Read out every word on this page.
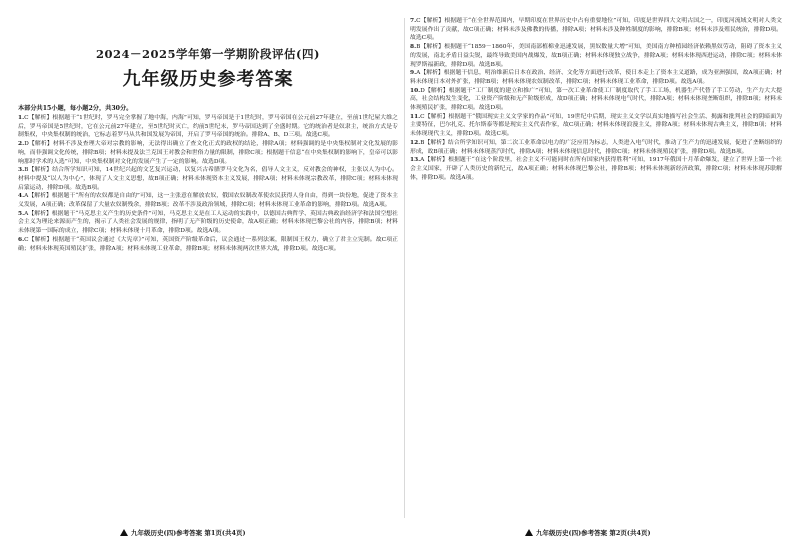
2024－2025学年第一学期阶段评估(四)
九年级历史参考答案
本部分共15小题，每小题2分，共30分。

1.C【解析】根据题干“1世纪时，罗马完全掌握了地中海，内海”可知，罗马帝国是于1世纪时，罗马帝国在公元前27年建立，至前1世纪屋大维之后，罗马帝国是5世纪时，它在公元前27年建立，至5世纪时灭亡，约前5世纪末，罗马帝国达到了全盛时期。它的统治者是奴隶主，统治方式是专制集权，中央集权制的统治，它标志着罗马从共和国发展为帝国，开启了罗马帝国的统治。排除A、B、D三项。故选C项。

2.D【解析】材料不涉及查理大帝对宗教的影响，无法得出确立了查文化正式的政权的结论，排除A项；材料强调的是中央集权制对文化发展的影响，而非强调文化传统，排除B项；材料未提及法兰克国王对教会和世俗力量的限制，排除C项；根据题干信息“在中央集权制的影响下，皇帝可以影响那时学术的人选”可知，中央集权制对文化的发展产生了一定的影响。故选D项。

3.B【解析】结合所学知识可知，14世纪兴起的文艺复兴运动，以复兴古希腊罗马文化为名，倡导人文主义，反对教会的神权，主张以人为中心。材料中提及“以人为中心”，体现了人文主义思想，故B项正确；材料未体现资本主义发展，排除A项；材料未体现宗教改革，排除C项；材料未体现启蒙运动，排除D项。故选B项。

4.A【解析】根据题干“所有的农奴都是自由的”可知，这一主张意在解放农奴，俄国农奴制改革使农民获得人身自由，得到一块份地，促进了资本主义发展，A项正确；改革保留了大量农奴制残余，排除B项；改革不涉及政治领域，排除C项；材料未体现工业革命的影响，排除D项。故选A项。

5.A【解析】根据题干“马克思主义产生的历史条件”可知，马克思主义是在工人运动的实践中，以德国古典哲学、英国古典政治经济学和法国空想社会主义为理论来源而产生的，揭示了人类社会发展的规律，指明了无产阶级的历史使命，故A项正确；材料未体现巴黎公社的内容，排除B项；材料未体现第一国际的成立，排除C项；材料未体现十月革命，排除D项。故选A项。

6.C【解析】根据题干“英国议会通过《大宪章》”可知，英国资产阶级革命后，议会通过一系列法案，限制国王权力，确立了君主立宪制。故C项正确；材料未体现英国殖民扩张，排除A项；材料未体现工业革命，排除B项；材料未体现两次世界大战，排除D项。故选C项。

7.C【解析】根据题干“在全世界范围内，早期印度在世界历史中占有重要地位”可知，印度是世界四大文明古国之一，印度河流域文明对人类文明发展作出了贡献，故C项正确；材料未涉及佛教的传播，排除A项；材料未涉及种姓制度的影响，排除B项；材料未涉及殖民统治，排除D项。故选C项。

8.B【解析】根据题干“1859－1860年，美国南部植棉业迅速发展，黑奴数量大增”可知，美国南方种植园经济依赖黑奴劳动，阻碍了资本主义的发展，南北矛盾日益尖锐，最终导致美国内战爆发，故B项正确；材料未体现独立战争，排除A项；材料未体现西进运动，排除C项；材料未体现罗斯福新政，排除D项。故选B项。

9.A【解析】根据题干信息，明治维新后日本在政治、经济、文化等方面进行改革，使日本走上了资本主义道路，成为亚洲强国，故A项正确；材料未体现日本对外扩张，排除B项；材料未体现农奴制改革，排除C项；材料未体现工业革命，排除D项。故选A项。

10.D【解析】根据题干“工厂制度的建立和推广”可知，第一次工业革命使工厂制度取代了手工工场，机器生产代替了手工劳动，生产力大大提高，社会结构发生变化，工业资产阶级和无产阶级形成，故D项正确；材料未体现电气时代，排除A项；材料未体现垄断组织，排除B项；材料未体现殖民扩张，排除C项。故选D项。

11.C【解析】根据题干“俄国现实主义文学家的作品”可知，19世纪中后期，现实主义文学以真实地描写社会生活、揭露和批判社会的阴暗面为主要特征，巴尔扎克、托尔斯泰等都是现实主义代表作家，故C项正确；材料未体现浪漫主义，排除A项；材料未体现古典主义，排除B项；材料未体现现代主义，排除D项。故选C项。

12.B【解析】结合所学知识可知，第二次工业革命以电力的广泛应用为标志，人类进入电气时代，推动了生产力的迅速发展，促进了垄断组织的形成，故B项正确；材料未体现蒸汽时代，排除A项；材料未体现信息时代，排除C项；材料未体现殖民扩张，排除D项。故选B项。

13.A【解析】根据题干“在这个阶段里，社会主义不可能同时在所有国家内获得胜利”可知，1917年俄国十月革命爆发，建立了世界上第一个社会主义国家，开辟了人类历史的新纪元，故A项正确；材料未体现巴黎公社，排除B项；材料未体现新经济政策，排除C项；材料未体现苏联解体，排除D项。故选A项。

九年级历史(四)参考答案 第1页(共4页)	九年级历史(四)参考答案 第2页(共4页)
